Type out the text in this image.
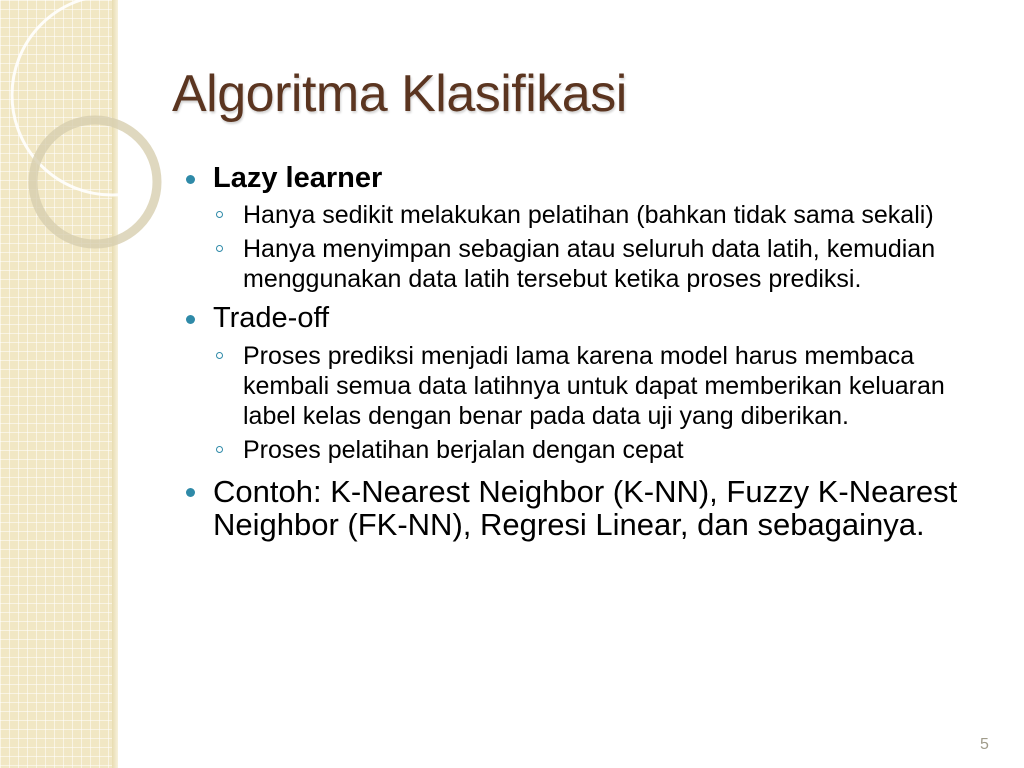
Algoritma Klasifikasi
Lazy learner
Hanya sedikit melakukan pelatihan (bahkan tidak sama sekali)
Hanya menyimpan sebagian atau seluruh data latih, kemudian menggunakan data latih tersebut ketika proses prediksi.
Trade-off
Proses prediksi menjadi lama karena model harus membaca kembali semua data latihnya untuk dapat memberikan keluaran label kelas dengan benar pada data uji yang diberikan.
Proses pelatihan berjalan dengan cepat
Contoh: K-Nearest Neighbor (K-NN), Fuzzy K-Nearest Neighbor (FK-NN), Regresi Linear, dan sebagainya.
5
